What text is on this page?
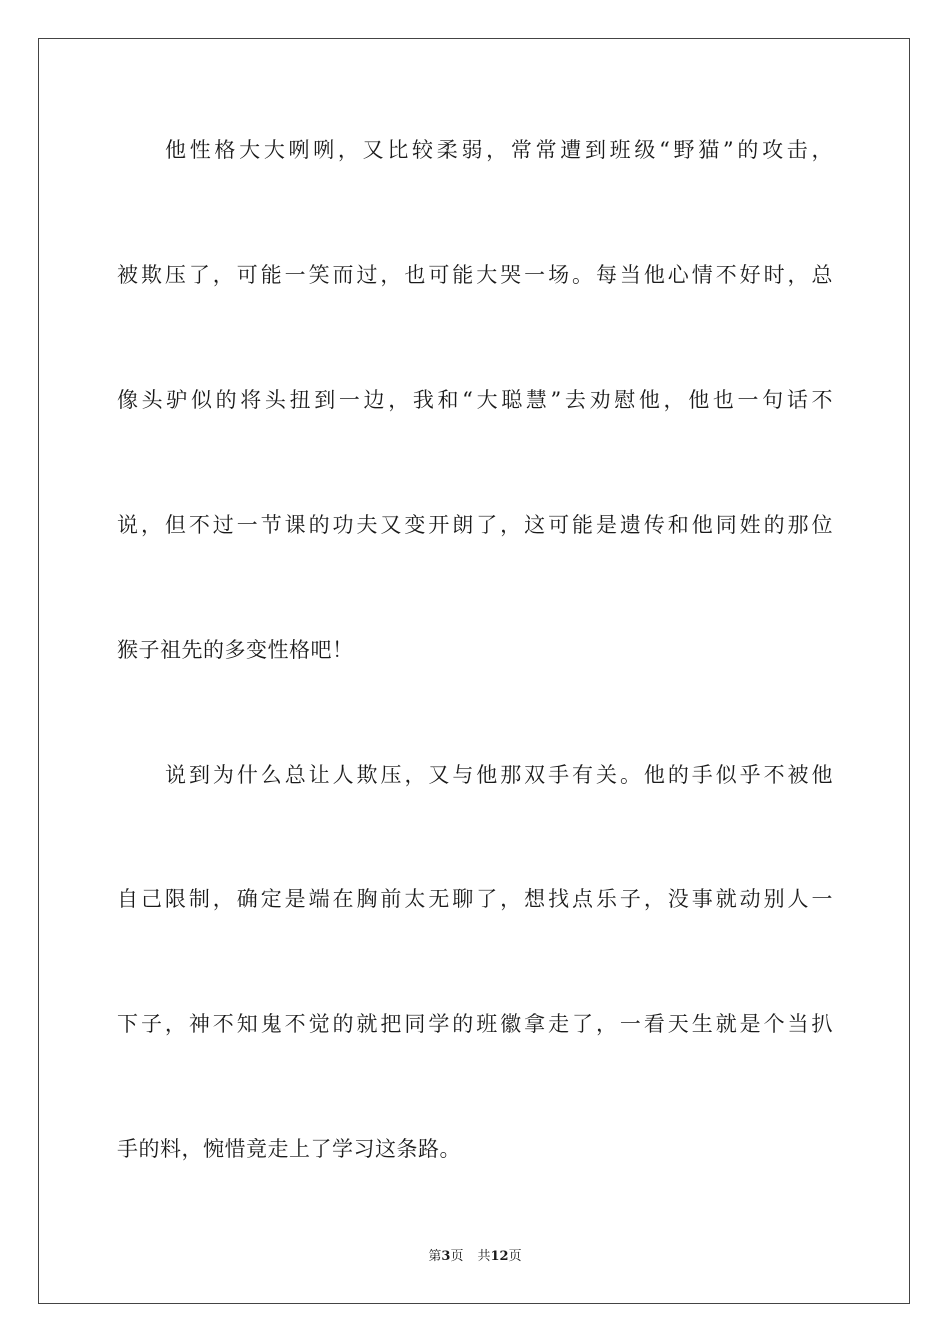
他性格大大咧咧，又比较柔弱，常常遭到班级“野猫”的攻击，
被欺压了，可能一笑而过，也可能大哭一场。每当他心情不好时，总
像头驴似的将头扭到一边，我和“大聪慧”去劝慰他，他也一句话不
说，但不过一节课的功夫又变开朗了，这可能是遗传和他同姓的那位
猴子祖先的多变性格吧！
说到为什么总让人欺压，又与他那双手有关。他的手似乎不被他
自己限制，确定是端在胸前太无聊了，想找点乐子，没事就动别人一
下子，神不知鬼不觉的就把同学的班徽拿走了，一看天生就是个当扒
手的料，惋惜竟走上了学习这条路。
第3页 共12页
